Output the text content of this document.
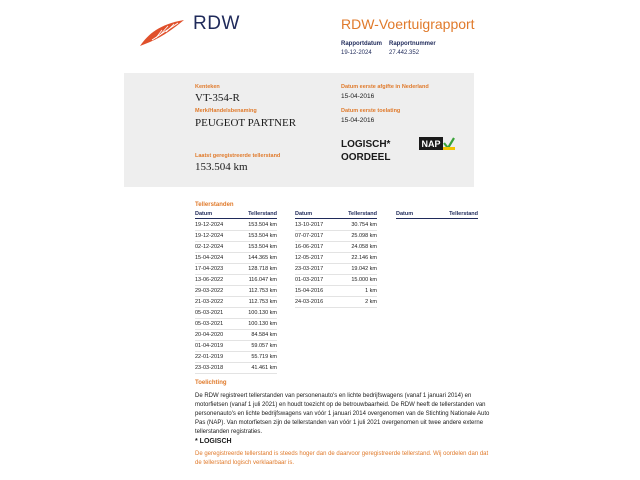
RDW	RDW-Voertuigrapport
Rapportdatum Rapportnummer
19-12-2024	27.442.352
Kenteken
VT-354-R
Merk/Handelsbenaming
PEUGEOT PARTNER
Laatst geregistreerde tellerstand
153.504 km
Datum eerste afgifte in Nederland
15-04-2016
Datum eerste toelating
15-04-2016
LOGISCH*
OORDEEL
NAP
Tellerstanden
Datum	Tellerstand
19-12-2024	153.504 km
19-12-2024	153.504 km
02-12-2024	153.504 km
15-04-2024	144.365 km
17-04-2023	128.718 km
13-06-2022	116.047 km
29-03-2022	112.753 km
21-03-2022	112.753 km
05-03-2021	100.130 km
05-03-2021	100.130 km
20-04-2020	84.584 km
01-04-2019	59.057 km
22-01-2019	55.719 km
23-03-2018	41.461 km
Datum	Tellerstand
13-10-2017	30.754 km
07-07-2017	25.098 km
16-06-2017	24.058 km
12-05-2017	22.146 km
23-03-2017	19.042 km
01-03-2017	15.000 km
15-04-2016	1 km
24-03-2016	2 km
Datum	Tellerstand
Toelichting
De RDW registreert tellerstanden van personenauto's en lichte bedrijfswagens (vanaf 1 januari 2014) en motorfietsen (vanaf 1 juli 2021) en houdt toezicht op de betrouwbaarheid. De RDW heeft de tellerstanden van personenauto's en lichte bedrijfswagens van vóór 1 januari 2014 overgenomen van de Stichting Nationale Auto Pas (NAP). Van motorfietsen zijn de tellerstanden van vóór 1 juli 2021 overgenomen uit twee andere externe tellerstanden registraties.
* LOGISCH
De geregistreerde tellerstand is steeds hoger dan de daarvoor geregistreerde tellerstand. Wij oordelen dan dat de tellerstand logisch verklaarbaar is.
